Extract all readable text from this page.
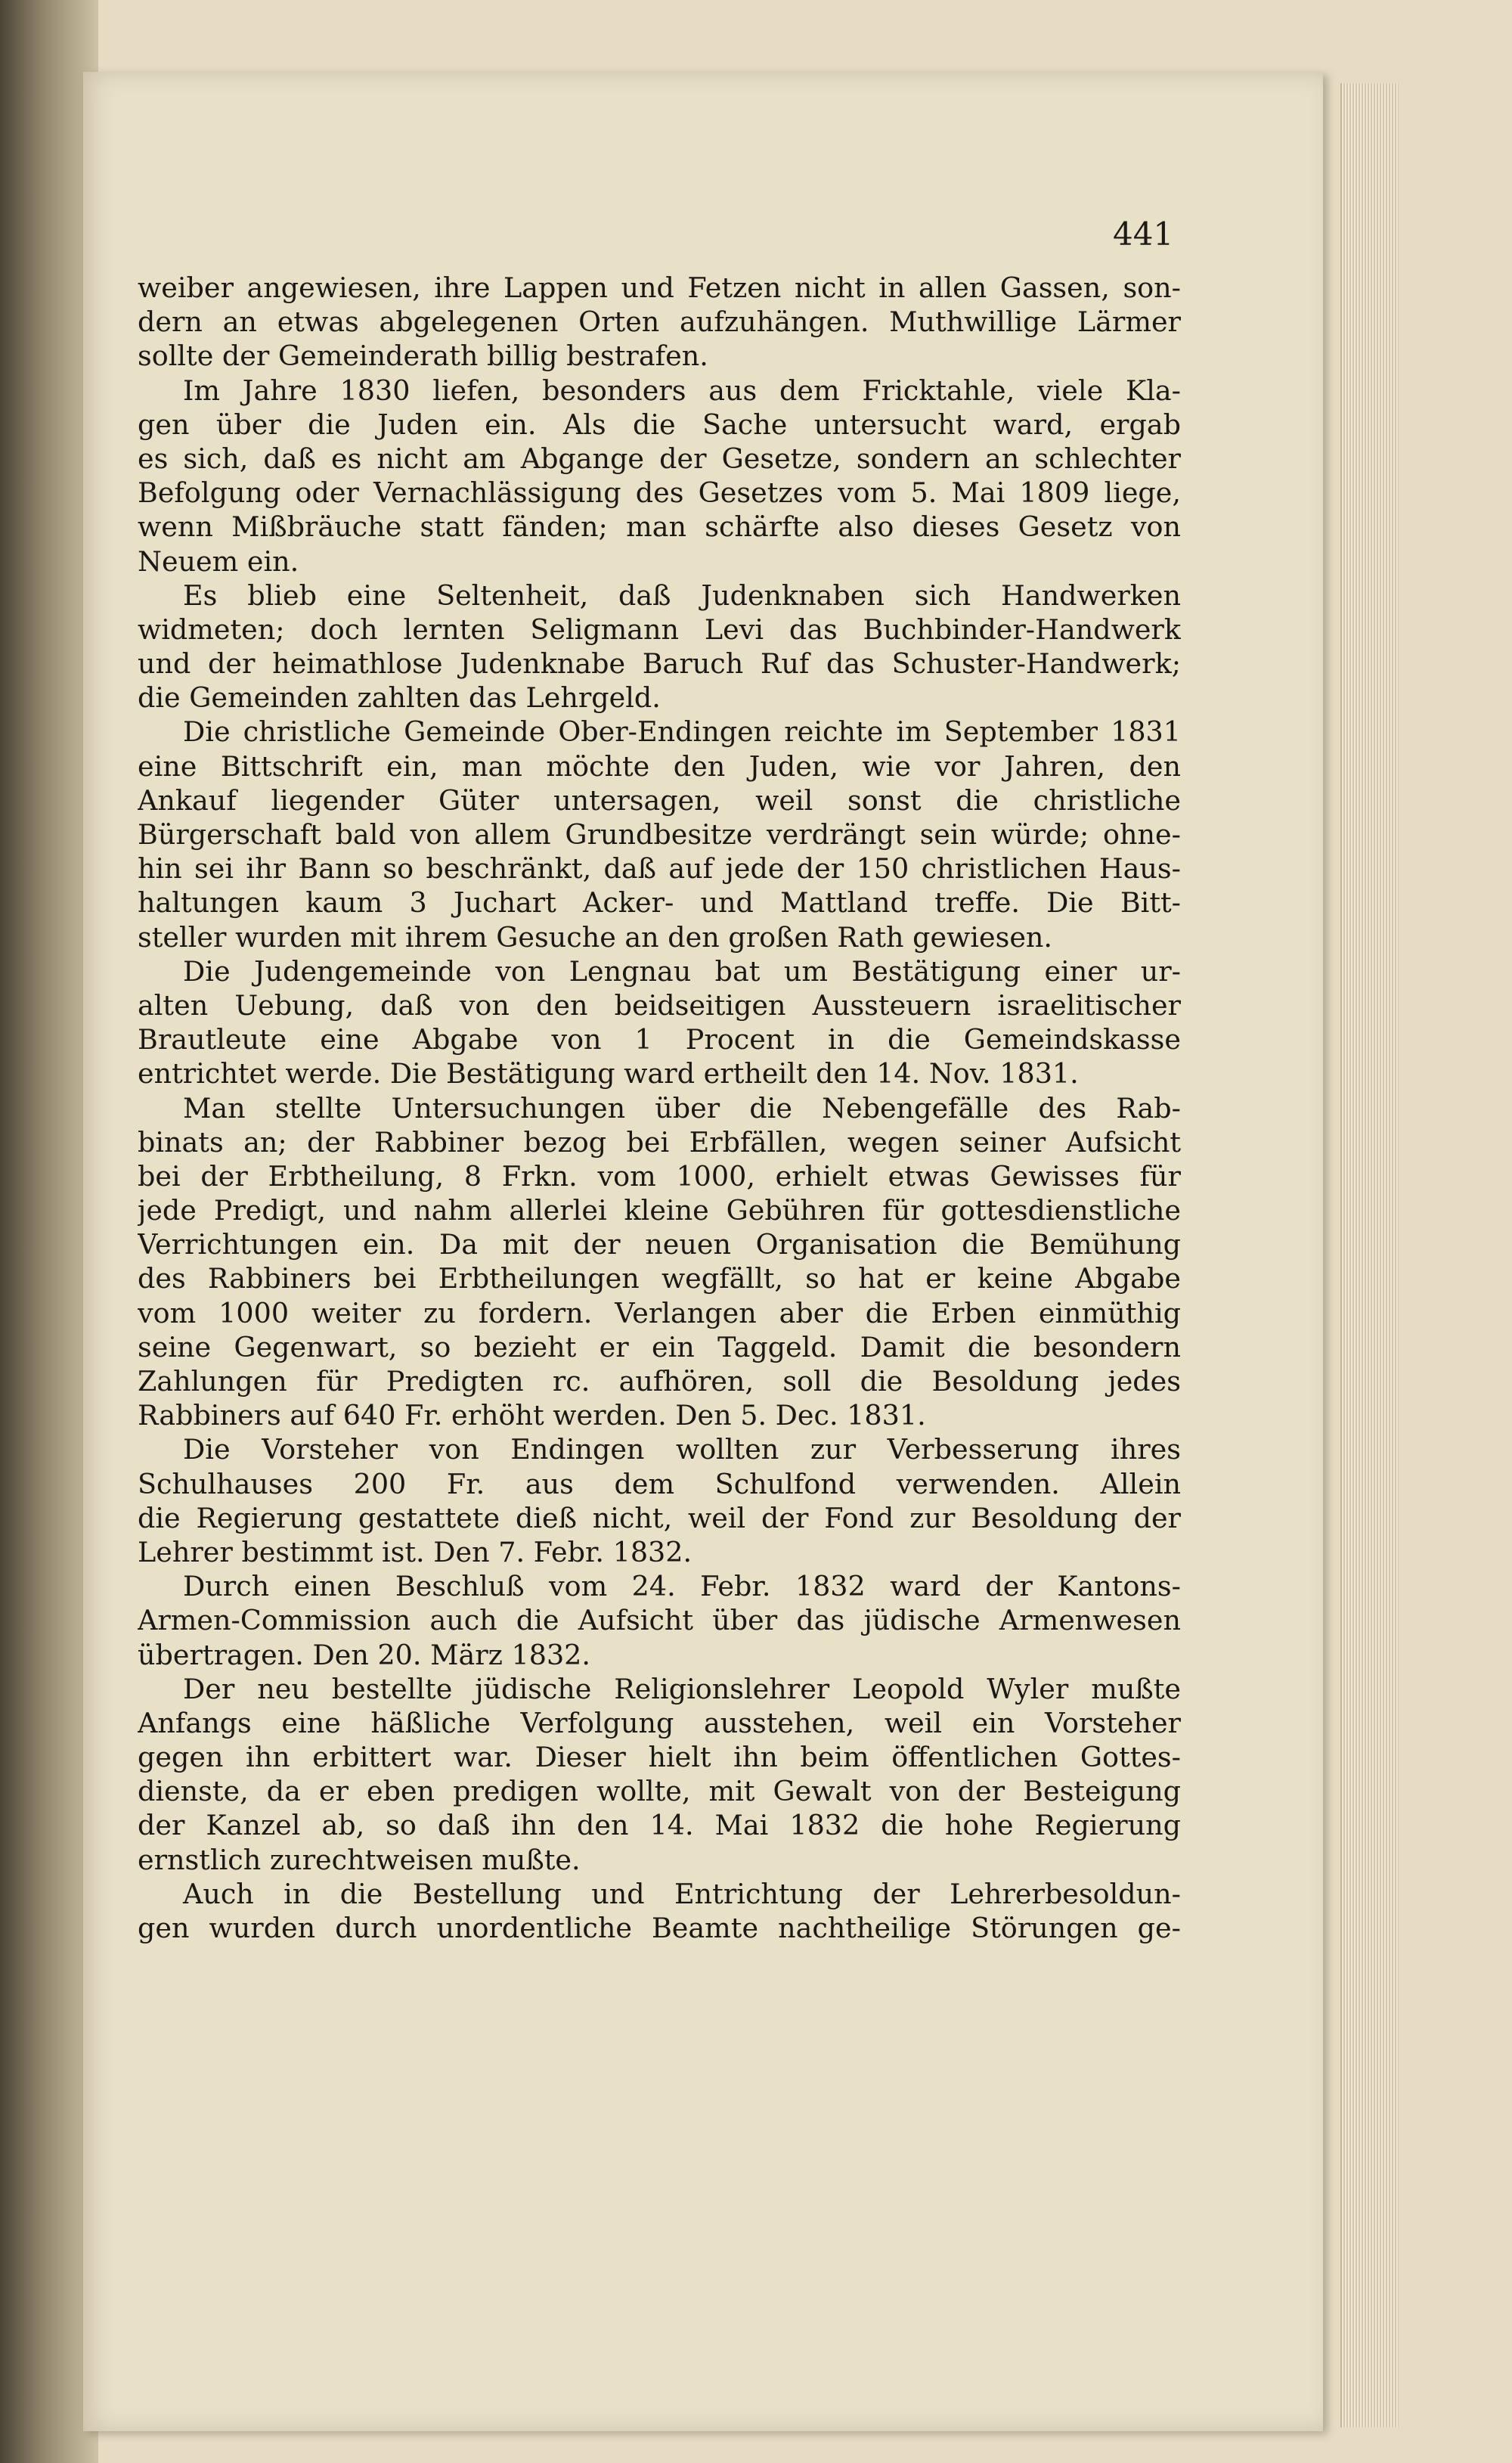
441
weiber angewiesen, ihre Lappen und Fetzen nicht in allen Gassen, son-
dern an etwas abgelegenen Orten aufzuhängen. Muthwillige Lärmer
sollte der Gemeinderath billig bestrafen.
Im Jahre 1830 liefen, besonders aus dem Fricktahle, viele Kla-
gen über die Juden ein. Als die Sache untersucht ward, ergab
es sich, daß es nicht am Abgange der Gesetze, sondern an schlechter
Befolgung oder Vernachlässigung des Gesetzes vom 5. Mai 1809 liege,
wenn Mißbräuche statt fänden; man schärfte also dieses Gesetz von
Neuem ein.
Es blieb eine Seltenheit, daß Judenknaben sich Handwerken
widmeten; doch lernten Seligmann Levi das Buchbinder-Handwerk
und der heimathlose Judenknabe Baruch Ruf das Schuster-Handwerk;
die Gemeinden zahlten das Lehrgeld.
Die christliche Gemeinde Ober-Endingen reichte im September 1831
eine Bittschrift ein, man möchte den Juden, wie vor Jahren, den
Ankauf liegender Güter untersagen, weil sonst die christliche
Bürgerschaft bald von allem Grundbesitze verdrängt sein würde; ohne-
hin sei ihr Bann so beschränkt, daß auf jede der 150 christlichen Haus-
haltungen kaum 3 Juchart Acker- und Mattland treffe. Die Bitt-
steller wurden mit ihrem Gesuche an den großen Rath gewiesen.
Die Judengemeinde von Lengnau bat um Bestätigung einer ur-
alten Uebung, daß von den beidseitigen Aussteuern israelitischer
Brautleute eine Abgabe von 1 Procent in die Gemeindskasse
entrichtet werde. Die Bestätigung ward ertheilt den 14. Nov. 1831.
Man stellte Untersuchungen über die Nebengefälle des Rab-
binats an; der Rabbiner bezog bei Erbfällen, wegen seiner Aufsicht
bei der Erbtheilung, 8 Frkn. vom 1000, erhielt etwas Gewisses für
jede Predigt, und nahm allerlei kleine Gebühren für gottesdienstliche
Verrichtungen ein. Da mit der neuen Organisation die Bemühung
des Rabbiners bei Erbtheilungen wegfällt, so hat er keine Abgabe
vom 1000 weiter zu fordern. Verlangen aber die Erben einmüthig
seine Gegenwart, so bezieht er ein Taggeld. Damit die besondern
Zahlungen für Predigten rc. aufhören, soll die Besoldung jedes
Rabbiners auf 640 Fr. erhöht werden. Den 5. Dec. 1831.
Die Vorsteher von Endingen wollten zur Verbesserung ihres
Schulhauses 200 Fr. aus dem Schulfond verwenden. Allein
die Regierung gestattete dieß nicht, weil der Fond zur Besoldung der
Lehrer bestimmt ist. Den 7. Febr. 1832.
Durch einen Beschluß vom 24. Febr. 1832 ward der Kantons-
Armen-Commission auch die Aufsicht über das jüdische Armenwesen
übertragen. Den 20. März 1832.
Der neu bestellte jüdische Religionslehrer Leopold Wyler mußte
Anfangs eine häßliche Verfolgung ausstehen, weil ein Vorsteher
gegen ihn erbittert war. Dieser hielt ihn beim öffentlichen Gottes-
dienste, da er eben predigen wollte, mit Gewalt von der Besteigung
der Kanzel ab, so daß ihn den 14. Mai 1832 die hohe Regierung
ernstlich zurechtweisen mußte.
Auch in die Bestellung und Entrichtung der Lehrerbesoldun-
gen wurden durch unordentliche Beamte nachtheilige Störungen ge-
